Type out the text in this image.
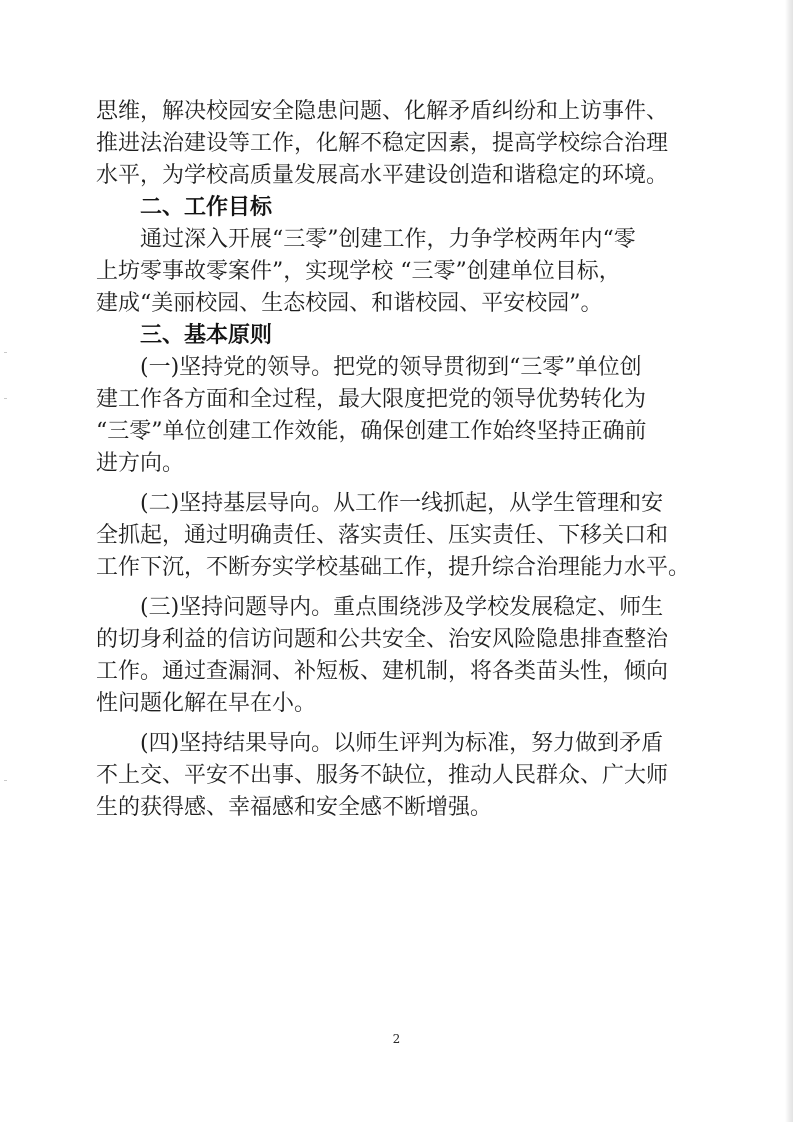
思维，解决校园安全隐患问题、化解矛盾纠纷和上访事件、
推进法治建设等工作，化解不稳定因素，提高学校综合治理
水平，为学校高质量发展高水平建设创造和谐稳定的环境。
二、工作目标
通过深入开展“三零”创建工作，力争学校两年内“零
上坊零事故零案件”，实现学校 “三零”创建单位目标，
建成“美丽校园、生态校园、和谐校园、平安校园”。
三、基本原则
(一)坚持党的领导。把党的领导贯彻到“三零”单位创
建工作各方面和全过程，最大限度把党的领导优势转化为
“三零”单位创建工作效能，确保创建工作始终坚持正确前
进方向。
(二)坚持基层导向。从工作一线抓起，从学生管理和安
全抓起，通过明确责任、落实责任、压实责任、下移关口和
工作下沉，不断夯实学校基础工作，提升综合治理能力水平。
(三)坚持问题导内。重点围绕涉及学校发展稳定、师生
的切身利益的信访问题和公共安全、治安风险隐患排查整治
工作。通过查漏洞、补短板、建机制，将各类苗头性，倾向
性问题化解在早在小。
(四)坚持结果导向。以师生评判为标准，努力做到矛盾
不上交、平安不出事、服务不缺位，推动人民群众、广大师
生的获得感、幸福感和安全感不断增强。
2
